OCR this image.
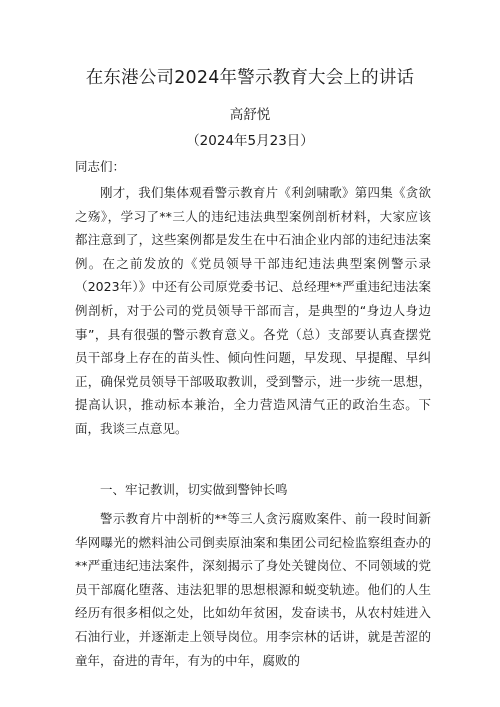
在东港公司2024年警示教育大会上的讲话
高舒悦
（2024年5月23日）
同志们：
刚才，我们集体观看警示教育片《利剑啸歌》第四集《贪欲之殇》，学习了**三人的违纪违法典型案例剖析材料，大家应该都注意到了，这些案例都是发生在中石油企业内部的违纪违法案例。在之前发放的《党员领导干部违纪违法典型案例警示录（2023年）》中还有公司原党委书记、总经理**严重违纪违法案例剖析，对于公司的党员领导干部而言，是典型的“身边人身边事”，具有很强的警示教育意义。各党（总）支部要认真查摆党员干部身上存在的苗头性、倾向性问题，早发现、早提醒、早纠正，确保党员领导干部吸取教训，受到警示，进一步统一思想，提高认识，推动标本兼治，全力营造风清气正的政治生态。下面，我谈三点意见。
一、牢记教训，切实做到警钟长鸣
警示教育片中剖析的**等三人贪污腐败案件、前一段时间新华网曝光的燃料油公司倒卖原油案和集团公司纪检监察组查办的**严重违纪违法案件，深刻揭示了身处关键岗位、不同领域的党员干部腐化堕落、违法犯罪的思想根源和蜕变轨迹。他们的人生经历有很多相似之处，比如幼年贫困，发奋读书，从农村娃进入石油行业，并逐渐走上领导岗位。用李宗林的话讲，就是苦涩的童年，奋进的青年，有为的中年，腐败的
